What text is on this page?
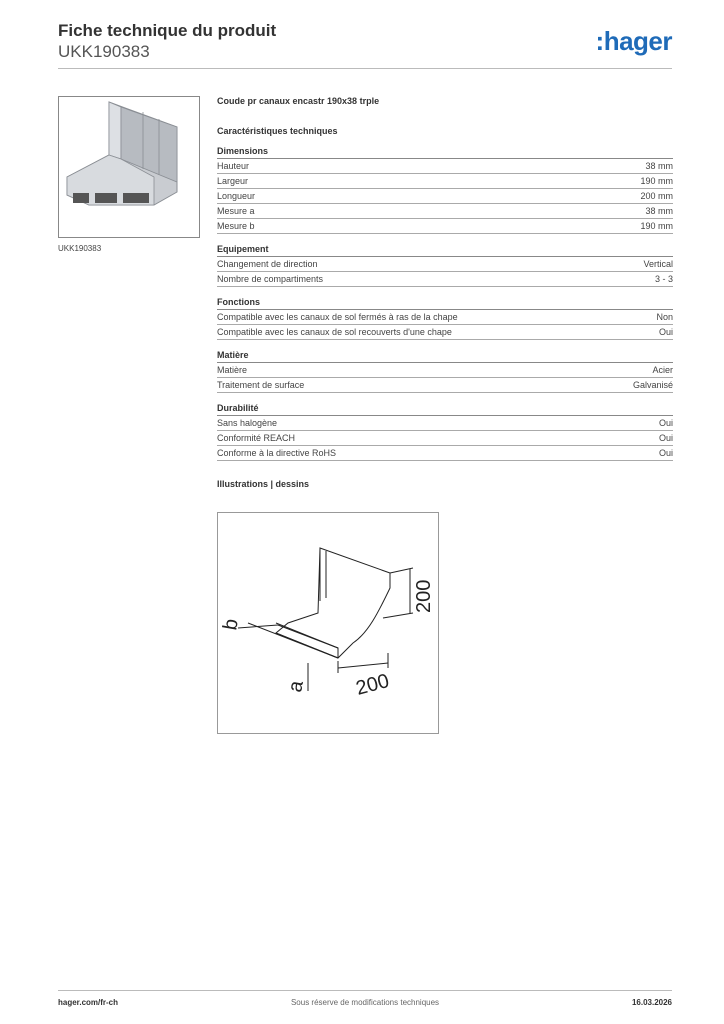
Fiche technique du produit
UKK190383	:hager
UKK190383
Coude pr canaux encastr 190x38 trple
Caractéristiques techniques
Dimensions
Hauteur	38 mm
Largeur	190 mm
Longueur	200 mm
Mesure a	38 mm
Mesure b	190 mm
Equipement
Changement de direction	Vertical
Nombre de compartiments	3 - 3
Fonctions
Compatible avec les canaux de sol fermés à ras de la chape	Non
Compatible avec les canaux de sol recouverts d'une chape	Oui
Matière
Matière	Acier
Traitement de surface	Galvanisé
Durabilité
Sans halogène	Oui
Conformité REACH	Oui
Conforme à la directive RoHS	Oui
Illustrations | dessins
b
a 200
200
hager.com/fr-ch	Sous réserve de modifications techniques	16.03.2026
